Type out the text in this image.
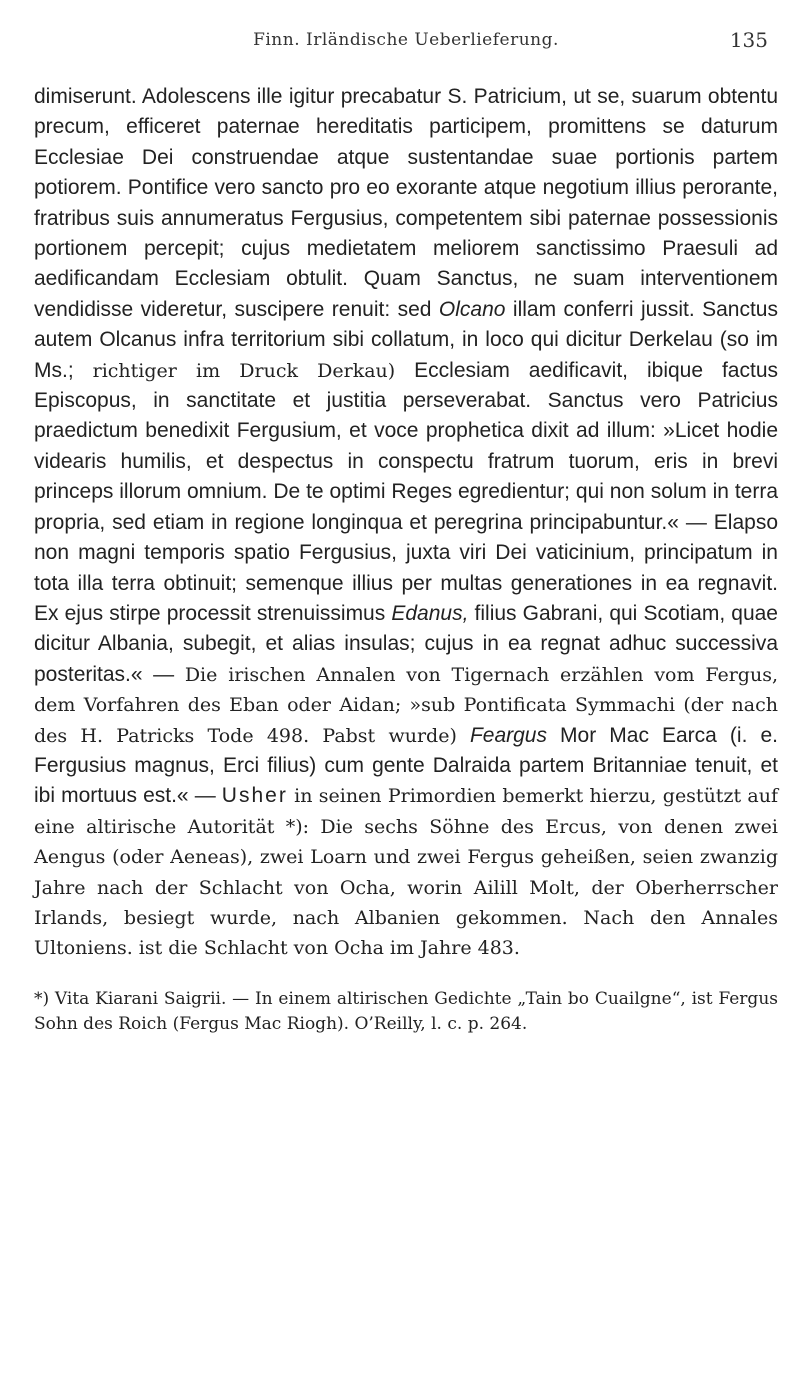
Finn. Irländische Ueberlieferung.	135

dimiserunt. Adolescens ille igitur precabatur S. Patricium, ut se, suarum obtentu precum, efficeret paternae hereditatis participem, promittens se daturum Ecclesiae Dei construendae atque sustentandae suae portionis partem potiorem. Pontifice vero sancto pro eo exorante atque negotium illius perorante, fratribus suis annumeratus Fergusius, competentem sibi paternae possessionis portionem percepit; cujus medietatem meliorem sanctissimo Praesuli ad aedificandam Ecclesiam obtulit. Quam Sanctus, ne suam interventionem vendidisse videretur, suscipere renuit: sed Olcano illam conferri jussit. Sanctus autem Olcanus infra territorium sibi collatum, in loco qui dicitur Derkelau (so im Ms.; richtiger im Druck Derkau) Ecclesiam aedificavit, ibique factus Episcopus, in sanctitate et justitia perseverabat. Sanctus vero Patricius praedictum benedixit Fergusium, et voce prophetica dixit ad illum: »Licet hodie videaris humilis, et despectus in conspectu fratrum tuorum, eris in brevi princeps illorum omnium. De te optimi Reges egredientur; qui non solum in terra propria, sed etiam in regione longinqua et peregrina principabuntur.« — Elapso non magni temporis spatio Fergusius, juxta viri Dei vaticinium, principatum in tota illa terra obtinuit; semenque illius per multas generationes in ea regnavit. Ex ejus stirpe processit strenuissimus Edanus, filius Gabrani, qui Scotiam, quae dicitur Albania, subegit, et alias insulas; cujus in ea regnat adhuc successiva posteritas.« — Die irischen Annalen von Tigernach erzählen vom Fergus, dem Vorfahren des Eban oder Aidan; »sub Pontificata Symmachi (der nach des H. Patricks Tode 498. Pabst wurde) Feargus Mor Mac Earca (i. e. Fergusius magnus, Erci filius) cum gente Dalraida partem Britanniae tenuit, et ibi mortuus est.« — Usher in seinen Primordien bemerkt hierzu, gestützt auf eine altirische Autorität *): Die sechs Söhne des Ercus, von denen zwei Aengus (oder Aeneas), zwei Loarn und zwei Fergus geheißen, seien zwanzig Jahre nach der Schlacht von Ocha, worin Ailill Molt, der Oberherrscher Irlands, besiegt wurde, nach Albanien gekommen. Nach den Annales Ultoniens. ist die Schlacht von Ocha im Jahre 483.

*) Vita Kiarani Saigrii. — In einem altirischen Gedichte „Tain bo Cuailgne“, ist Fergus Sohn des Roich (Fergus Mac Riogh). O’Reilly, l. c. p. 264.
